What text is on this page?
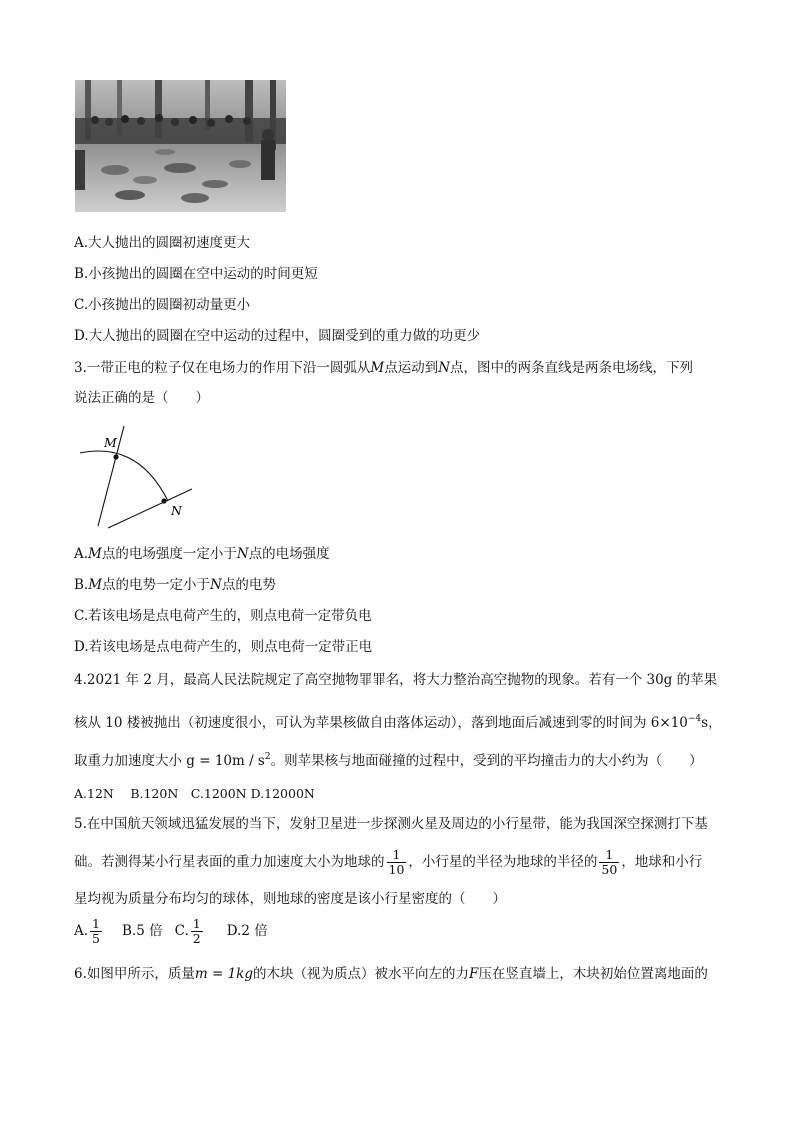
A.大人抛出的圆圈初速度更大
B.小孩抛出的圆圈在空中运动的时间更短
C.小孩抛出的圆圈初动量更小
D.大人抛出的圆圈在空中运动的过程中，圆圈受到的重力做的功更少
3.一带正电的粒子仅在电场力的作用下沿一圆弧从M点运动到N点，图中的两条直线是两条电场线，下列
说法正确的是（　　）
M
N
A.M点的电场强度一定小于N点的电场强度
B.M点的电势一定小于N点的电势
C.若该电场是点电荷产生的，则点电荷一定带负电
D.若该电场是点电荷产生的，则点电荷一定带正电
4.2021 年 2 月，最高人民法院规定了高空抛物罪罪名，将大力整治高空抛物的现象。若有一个 30g 的苹果
核从 10 楼被抛出（初速度很小，可认为苹果核做自由落体运动），落到地面后减速到零的时间为 $6\times 10^{-4}s$，
取重力加速度大小 $g = 10m / s^2$。则苹果核与地面碰撞的过程中，受到的平均撞击力的大小约为（　　）
A.12N　 B.120N　C.1200N D.12000N
5.在中国航天领域迅猛发展的当下，发射卫星进一步探测火星及周边的小行星带，能为我国深空探测打下基
础。若测得某小行星表面的重力加速度大小为地球的 $\frac{1}{10}$ ，小行星的半径为地球的半径的 $\frac{1}{50}$ ，地球和小行
星均视为质量分布均匀的球体，则地球的密度是该小行星密度的（　　）
A. $\frac{1}{5} B.5$ 倍 C. $\frac{1}{2} D.2$ 倍
6.如图甲所示，质量m = 1kg的木块（视为质点）被水平向左的力F压在竖直墙上，木块初始位置离地面的
